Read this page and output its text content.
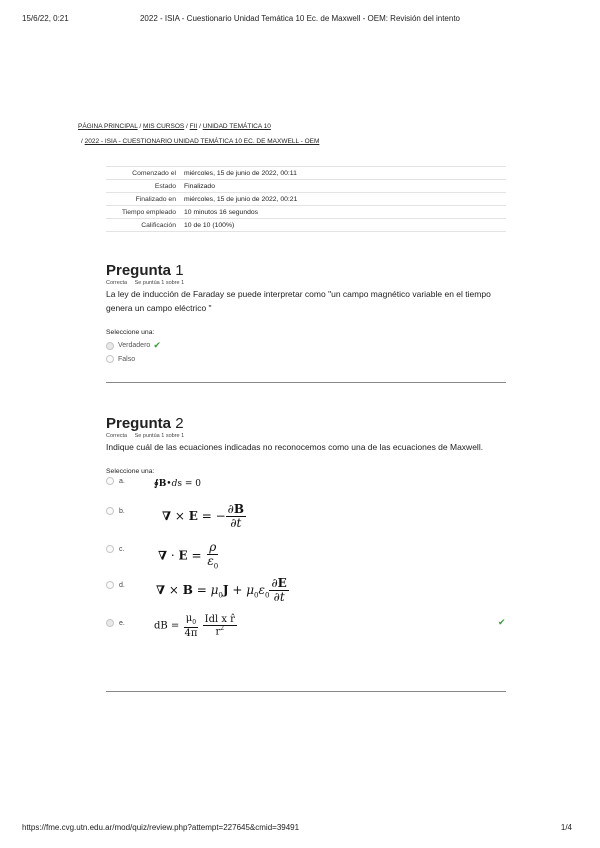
15/6/22, 0:21	2022 - ISIA - Cuestionario Unidad Temática 10 Ec. de Maxwell - OEM: Revisión del intento
PÁGINA PRINCIPAL / MIS CURSOS / FII / UNIDAD TEMÁTICA 10
/ 2022 - ISIA - CUESTIONARIO UNIDAD TEMÁTICA 10 EC. DE MAXWELL - OEM
Comenzado el	miércoles, 15 de junio de 2022, 00:11
Estado	Finalizado
Finalizado en	miércoles, 15 de junio de 2022, 00:21
Tiempo empleado	10 minutos 16 segundos
Calificación	10 de 10 (100%)
Pregunta 1
Correcta Se puntúa 1 sobre 1
La ley de inducción de Faraday se puede interpretar como "un campo magnético variable en el tiempo genera un campo eléctrico "
Seleccione una:
Verdadero ✔
Falso
Pregunta 2
Correcta Se puntúa 1 sobre 1
Indique cuál de las ecuaciones indicadas no reconocemos como una de las ecuaciones de Maxwell.
Seleccione una:
a.	∮B•ds = 0
b.	∇ × E = − $\frac{\partial B}{\partial t}$
c.	∇ · $E = \frac{\rho}{\varepsilon_0}$
d.	∇ × $B = \mu_0J + \mu_0\varepsilon_0 \frac{\partial E}{\partial t}$
e.	dB = $\frac{\mu_0}{4\pi}$
$\frac{\text{Idl x r̂}}{r^2}$	✔
https://fme.cvg.utn.edu.ar/mod/quiz/review.php?attempt=227645&cmid=39491	1/4
